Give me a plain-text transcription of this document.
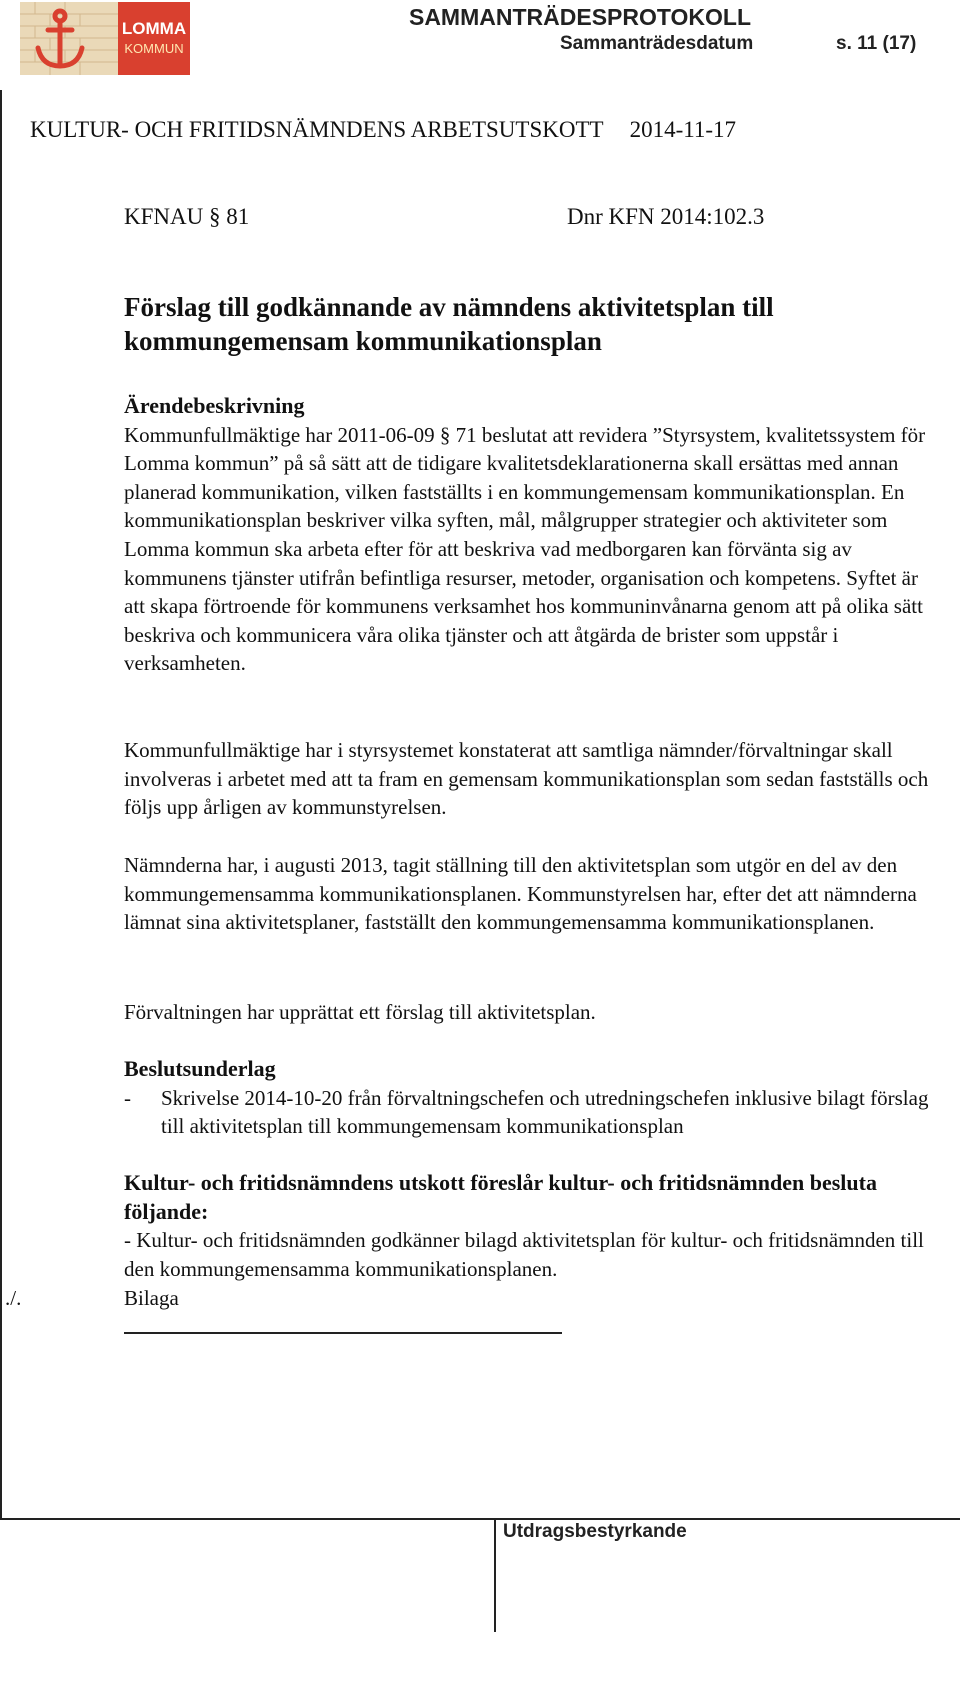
LOMMA
KOMMUN
SAMMANTRÄDESPROTOKOLL
Sammanträdesdatum	s. 11 (17)
KULTUR- OCH FRITIDSNÄMNDENS ARBETSUTSKOTT 2014-11-17
KFNAU § 81	Dnr KFN 2014:102.3
Förslag till godkännande av nämndens aktivitetsplan till kommungemensam kommunikationsplan
Ärendebeskrivning
Kommunfullmäktige har 2011-06-09 § 71 beslutat att revidera ”Styrsystem, kvalitetssystem för Lomma kommun” på så sätt att de tidigare kvalitetsdeklarationerna skall ersättas med annan planerad kommunikation, vilken fastställts i en kommungemensam kommunikationsplan. En kommunikationsplan beskriver vilka syften, mål, målgrupper strategier och aktiviteter som Lomma kommun ska arbeta efter för att beskriva vad medborgaren kan förvänta sig av kommunens tjänster utifrån befintliga resurser, metoder, organisation och kompetens. Syftet är att skapa förtroende för kommunens verksamhet hos kommuninvånarna genom att på olika sätt beskriva och kommunicera våra olika tjänster och att åtgärda de brister som uppstår i verksamheten.
Kommunfullmäktige har i styrsystemet konstaterat att samtliga nämnder/förvaltningar skall involveras i arbetet med att ta fram en gemensam kommunikationsplan som sedan fastställs och följs upp årligen av kommunstyrelsen.
Nämnderna har, i augusti 2013, tagit ställning till den aktivitetsplan som utgör en del av den kommungemensamma kommunikationsplanen. Kommunstyrelsen har, efter det att nämnderna lämnat sina aktivitetsplaner, fastställt den kommungemensamma kommunikationsplanen.
Förvaltningen har upprättat ett förslag till aktivitetsplan.
Beslutsunderlag
-	Skrivelse 2014-10-20 från förvaltningschefen och utredningschefen inklusive bilagt förslag till aktivitetsplan till kommungemensam kommunikationsplan
Kultur- och fritidsnämndens utskott föreslår kultur- och fritidsnämnden besluta följande:
- Kultur- och fritidsnämnden godkänner bilagd aktivitetsplan för kultur- och fritidsnämnden till den kommungemensamma kommunikationsplanen.
./.	Bilaga
Utdragsbestyrkande
